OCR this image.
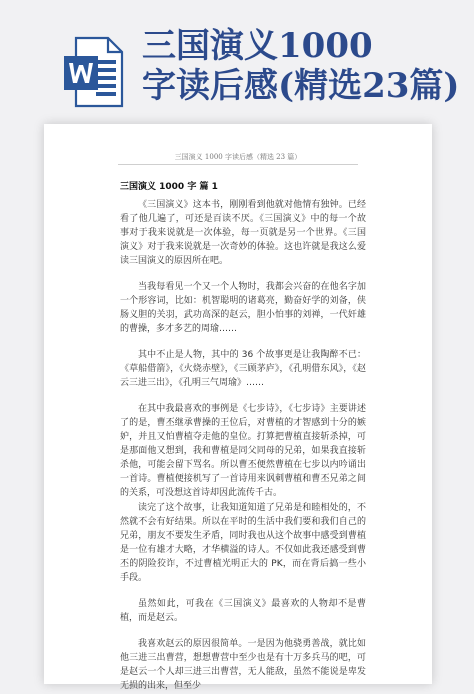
三国演义1000
字读后感(精选23篇)
三国演义 1000 字读后感（精选 23 篇）
三国演义 1000 字 篇 1

《三国演义》这本书，刚刚看到他就对他情有独钟。已经看了他几遍了，可还是百读不厌。《三国演义》中的每一个故事对于我来说就是一次体验，每一页就是另一个世界。《三国演义》对于我来说就是一次奇妙的体验。这也许就是我这么爱读三国演义的原因所在吧。

当我每看见一个又一个人物时，我都会兴奋的在他名字加一个形容词，比如：机智聪明的诸葛亮，勤奋好学的刘备，侠肠义胆的关羽，武功高深的赵云，胆小怕事的刘禅，一代奸雄的曹操，多才多艺的周瑜……

其中不止是人物，其中的 36 个故事更是让我陶醉不已：《草船借箭》，《火烧赤壁》，《三顾茅庐》，《孔明借东风》，《赵云三进三出》，《孔明三气周瑜》……

在其中我最喜欢的事例是《七步诗》，《七步诗》主要讲述了的是，曹丕继承曹操的王位后，对曹植的才智感到十分的嫉妒，并且又怕曹植夺走他的皇位。打算把曹植直接斩杀掉，可是那面他又想到，我和曹植是同父同母的兄弟，如果我直接斩杀他，可能会留下骂名。所以曹丕便然曹植在七步以内吟诵出一首诗。曹植便接机写了一首诗用来讽刺曹植和曹丕兄弟之间的关系，可没想这首诗却因此流传千古。

读完了这个故事，让我知道知道了兄弟是和睦相处的，不然就不会有好结果。所以在平时的生活中我们要和我们自己的兄弟，朋友不要发生矛盾，同时我也从这个故事中感受到曹植是一位有雄才大略，才华横溢的诗人。不仅如此我还感受到曹丕的阴险狡诈，不过曹植光明正大的 PK，而在背后搞一些小手段。

虽然如此，可我在《三国演义》最喜欢的人物却不是曹植，而是赵云。

我喜欢赵云的原因很简单。一是因为他骁勇善战，就比如他三进三出曹营，想想曹营中至少也是有十万多兵马的吧，可是赵云一个人却三进三出曹营，无人能敌，虽然不能说是卑发无损的出来，但至少
